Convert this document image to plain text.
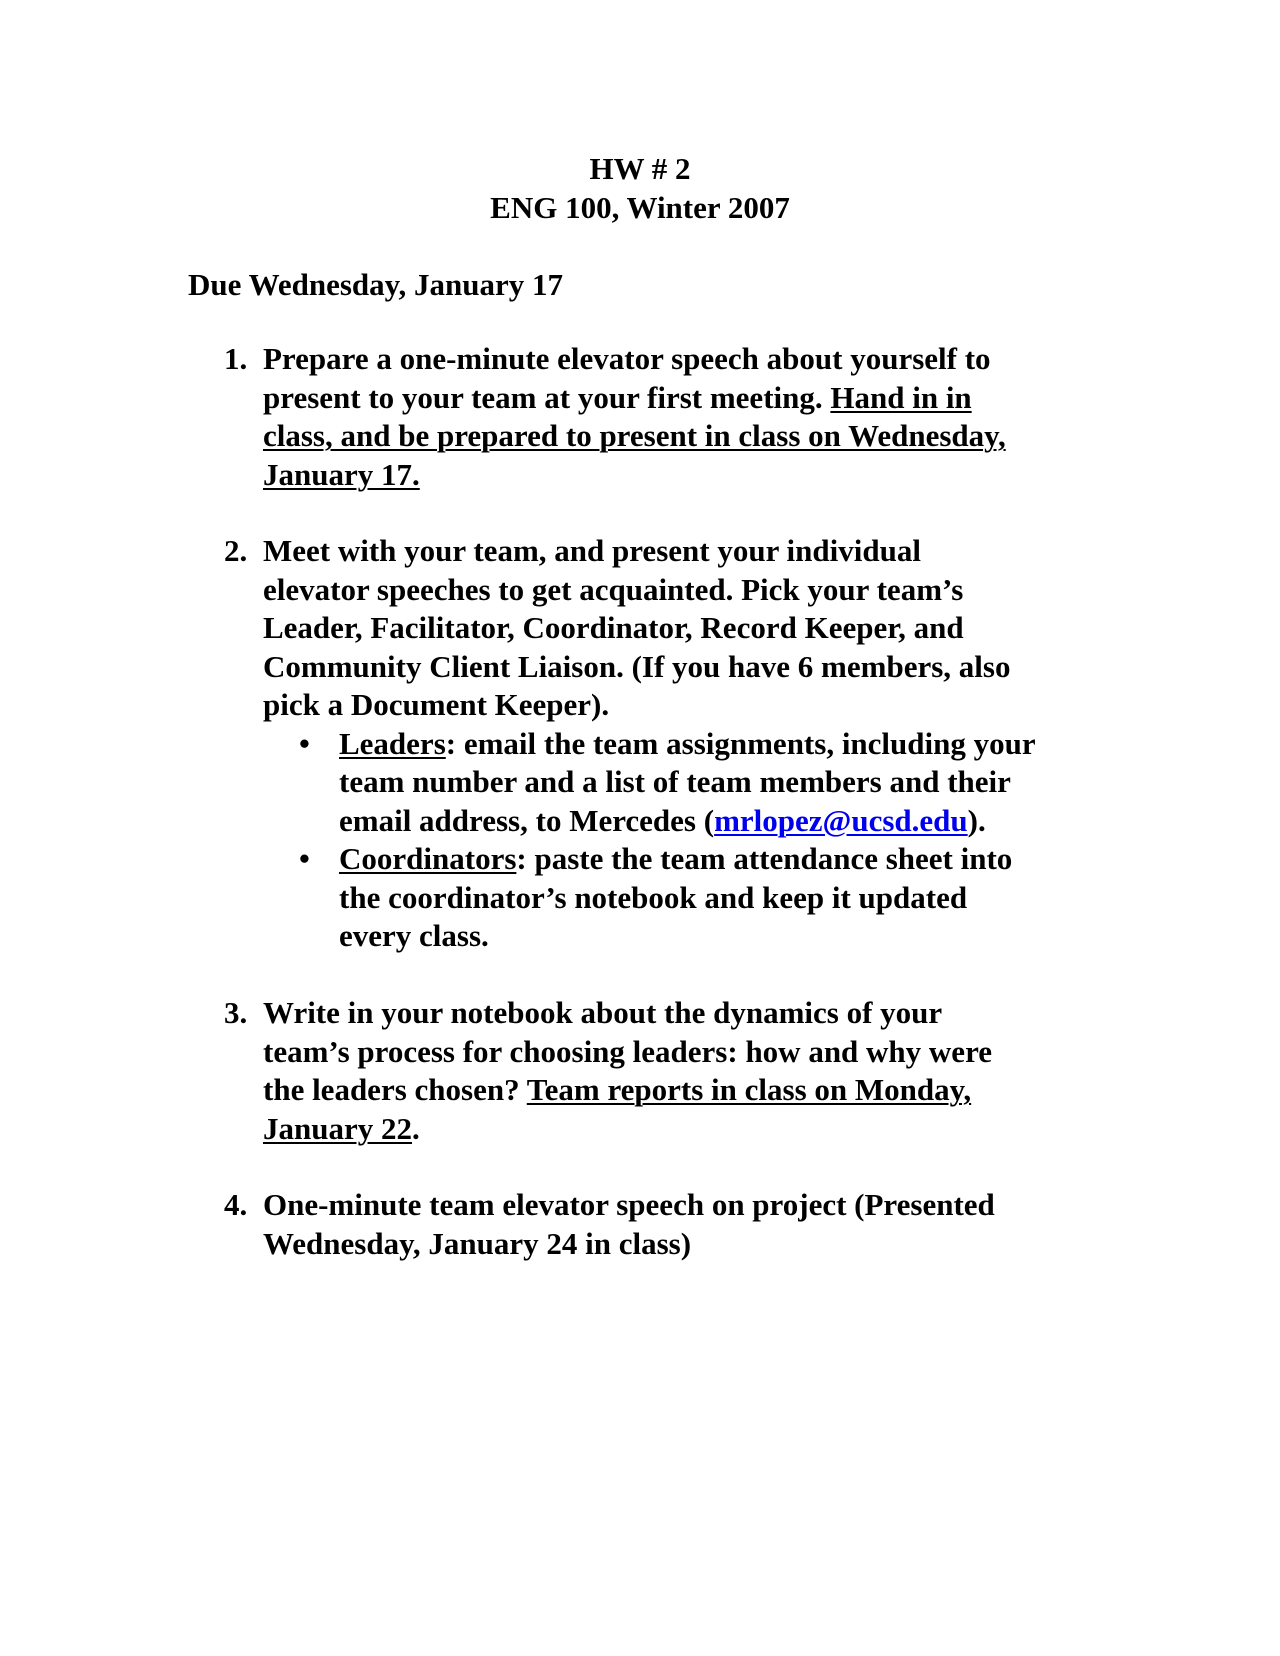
HW # 2
ENG 100, Winter 2007
Due Wednesday, January 17
1. Prepare a one-minute elevator speech about yourself to
present to your team at your first meeting. Hand in in
class, and be prepared to present in class on Wednesday,
January 17.
2. Meet with your team, and present your individual
elevator speeches to get acquainted. Pick your team’s
Leader, Facilitator, Coordinator, Record Keeper, and
Community Client Liaison. (If you have 6 members, also
pick a Document Keeper).
• Leaders: email the team assignments, including your
team number and a list of team members and their
email address, to Mercedes (mrlopez@ucsd.edu).
• Coordinators: paste the team attendance sheet into
the coordinator’s notebook and keep it updated
every class.
3. Write in your notebook about the dynamics of your
team’s process for choosing leaders: how and why were
the leaders chosen? Team reports in class on Monday,
January 22.
4. One-minute team elevator speech on project (Presented
Wednesday, January 24 in class)
